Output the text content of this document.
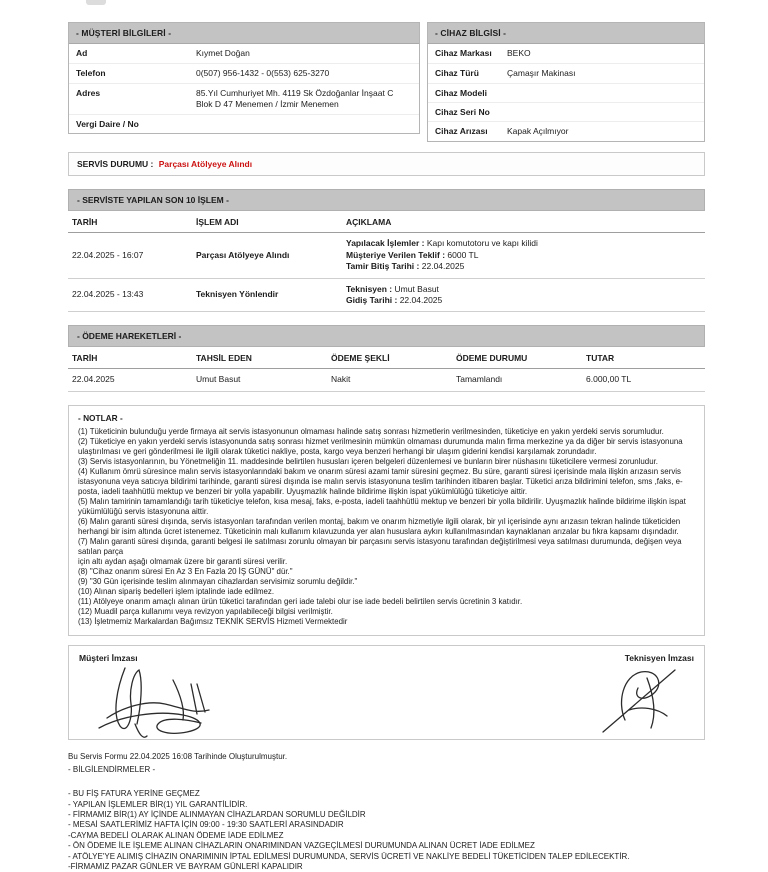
- MÜŞTERİ BİLGİLERİ -
Ad	Kıymet Doğan
Telefon	0(507) 956-1432 - 0(553) 625-3270
Adres	85.Yıl Cumhuriyet Mh. 4119 Sk Özdoğanlar İnşaat C Blok D 47 Menemen / İzmir Menemen
Vergi Daire / No
- CİHAZ BİLGİSİ -
Cihaz Markası	BEKO
Cihaz Türü	Çamaşır Makinası
Cihaz Modeli
Cihaz Seri No
Cihaz Arızası	Kapak Açılmıyor
SERVİS DURUMU : Parçası Atölyeye Alındı
- SERVİSTE YAPILAN SON 10 İŞLEM -
TARİH	İŞLEM ADI	AÇIKLAMA
22.04.2025 - 16:07	Parçası Atölyeye Alındı	Yapılacak İşlemler : Kapı komutotoru ve kapı kilidi
Müşteriye Verilen Teklif : 6000 TL
Tamir Bitiş Tarihi : 22.04.2025

22.04.2025 - 13:43	Teknisyen Yönlendir	Teknisyen : Umut Basut
Gidiş Tarihi : 22.04.2025
- ÖDEME HAREKETLERİ -
TARİH	TAHSİL EDEN	ÖDEME ŞEKLİ	ÖDEME DURUMU	TUTAR
22.04.2025	Umut Basut	Nakit	Tamamlandı	6.000,00 TL
- NOTLAR -

(1) Tüketicinin bulunduğu yerde firmaya ait servis istasyonunun olmaması halinde satış sonrası hizmetlerin verilmesinden, tüketiciye en yakın yerdeki servis sorumludur.

(2) Tüketiciye en yakın yerdeki servis istasyonunda satış sonrası hizmet verilmesinin mümkün olmaması durumunda malın firma merkezine ya da diğer bir servis istasyonuna ulaştırılması ve geri gönderilmesi ile ilgili olarak tüketici nakliye, posta, kargo veya benzeri herhangi bir ulaşım giderini kendisi karşılamak zorundadır.

(3) Servis istasyonlarının, bu Yönetmeliğin 11. maddesinde belirtilen hususları içeren belgeleri düzenlemesi ve bunların birer nüshasını tüketicilere vermesi zorunludur.

(4) Kullanım ömrü süresince malın servis istasyonlarındaki bakım ve onarım süresi azami tamir süresini geçmez. Bu süre, garanti süresi içerisinde mala ilişkin arızasın servis istasyonuna veya satıcıya bildirimi tarihinde, garanti süresi dışında ise malın servis istasyonuna teslim tarihinden itibaren başlar. Tüketici arıza bildirimini telefon, sms ,faks, e-posta, iadeli taahhütlü mektup ve benzeri bir yolla yapabilir. Uyuşmazlık halinde bildirime ilişkin ispat yükümlülüğü tüketiciye aittir.

(5) Malın tamirinin tamamlandığı tarih tüketiciye telefon, kısa mesaj, faks, e-posta, iadeli taahhütlü mektup ve benzeri bir yolla bildirilir. Uyuşmazlık halinde bildirime ilişkin ispat yükümlülüğü servis istasyonuna aittir.

(6) Malın garanti süresi dışında, servis istasyonları tarafından verilen montaj, bakım ve onarım hizmetiyle ilgili olarak, bir yıl içerisinde aynı arızasın tekran halinde tüketiciden herhangi bir isim altında ücret istenemez. Tüketicinin malı kullanım kılavuzunda yer alan hususlara aykırı kullanılmasından kaynaklanan arızalar bu fıkra kapsamı dışındadır.

(7) Malın garanti süresi dışında, garanti belgesi ile satılması zorunlu olmayan bir parçasını servis istasyonu tarafından değiştirilmesi veya satılması durumunda, değişen veya satılan parça

için altı aydan aşağı olmamak üzere bir garanti süresi verilir.

(8) "Cihaz onarım süresi En Az 3 En Fazla 20 İŞ GÜNÜ" dür."

(9) "30 Gün içerisinde teslim alınmayan cihazlardan servisimiz sorumlu değildir."

(10) Alınan sipariş bedelleri işlem iptalinde iade edilmez.

(11) Atölyeye onarım amaçlı alınan ürün tüketici tarafından geri iade talebi olur ise iade bedeli belirtilen servis ücretinin 3 katıdır.

(12) Muadil parça kullanımı veya revizyon yapılabileceği bilgisi verilmiştir.

(13) İşletmemiz Markalardan Bağımsız TEKNİK SERVİS Hizmeti Vermektedir

Müşteri İmzası	Teknisyen İmzası
Bu Servis Formu 22.04.2025 16:08 Tarihinde Oluşturulmuştur.
- BİLGİLENDİRMELER -

- BU FİŞ FATURA YERİNE GEÇMEZ

- YAPILAN İŞLEMLER BİR(1) YIL GARANTİLİDİR.

- FİRMAMIZ BİR(1) AY İÇİNDE ALINMAYAN CİHAZLARDAN SORUMLU DEĞİLDİR

- MESAİ SAATLERİMİZ HAFTA İÇİN 09:00 - 19:30 SAATLERİ ARASINDADIR

-CAYMA BEDELİ OLARAK ALINAN ÖDEME İADE EDİLMEZ

- ÖN ÖDEME İLE İŞLEME ALINAN CİHAZLARIN ONARIMINDAN VAZGEÇİLMESİ DURUMUNDA ALINAN ÜCRET İADE EDİLMEZ

- ATÖLYE'YE ALIMIŞ CİHAZIN ONARIMININ İPTAL EDİLMESİ DURUMUNDA, SERVİS ÜCRETİ VE NAKLİYE BEDELİ TÜKETİCİDEN TALEP EDİLECEKTİR.

-FİRMAMIZ PAZAR GÜNLER VE BAYRAM GÜNLERİ KAPALIDIR
